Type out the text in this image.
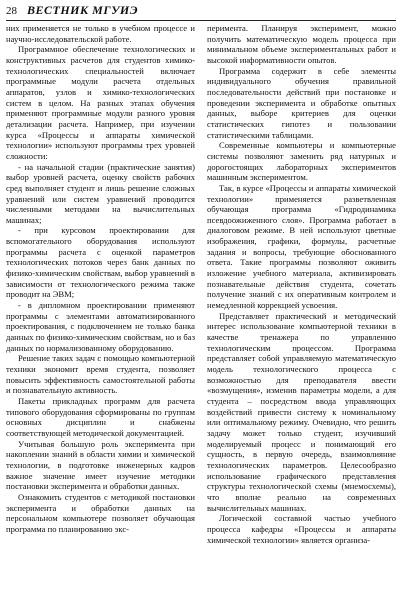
28 ВЕСТНИК МГУИЭ

них применяется не только в учебном процессе и научно-исследовательской работе.

Программное обеспечение технологических и конструктивных расчетов для студентов химико-технологических специальностей включает программные модули расчета отдельных аппаратов, узлов и химико-технологических систем в целом. На разных этапах обучения применяют программные модули разного уровня детализации расчета. Например, при изучении курса «Процессы и аппараты химической технологии» используют программы трех уровней сложности:

- на начальной стадии (практические занятия) выбор уровней расчета, оценку свойств рабочих сред выполняет студент и лишь решение сложных уравнений или систем уравнений проводится численными методами на вычислительных машинах;

- при курсовом проектировании для вспомогательного оборудования используют программы расчета с оценкой параметров технологических потоков через банк данных по физико-химическим свойствам, выбор уравнений в зависимости от технологического режима также проводит на ЭВМ;

- в дипломном проектировании применяют программы с элементами автоматизированного проектирования, с подключением не только банка данных по физико-химическим свойствам, но и баз данных по нормализованному оборудованию.

Решение таких задач с помощью компьютерной техники экономит время студента, позволяет повысить эффективность самостоятельной работы и познавательную активность.

Пакеты прикладных программ для расчета типового оборудования сформированы по группам основных дисциплин и снабжены соответствующей методической документацией.

Учитывая большую роль эксперимента при накоплении знаний в области химии и химической технологии, в подготовке инженерных кадров важное значение имеет изучение методики постановки эксперимента и обработки данных.

Ознакомить студентов с методикой постановки эксперимента и обработки данных на персональном компьютере позволяет обучающая программа по планированию экс-

перимента. Планируя эксперимент, можно получить математическую модель процесса при минимальном объеме экспериментальных работ и высокой информативности опытов.

Программа содержит в себе элементы индивидуального обучения правильной последовательности действий при постановке и проведении эксперимента и обработке опытных данных, выборе критериев для оценки статистических гипотез и пользовании статистическими таблицами.

Современные компьютеры и компьютерные системы позволяют заменить ряд натурных и дорогостоящих лабораторных экспериментов машинным экспериментом.

Так, в курсе «Процессы и аппараты химической технологии» применяется разветвленная обучающая программа «Гидродинамика псевдоожиженного слоя». Программа работает в диалоговом режиме. В ней используют цветные изображения, графики, формулы, расчетные задания и вопросы, требующие обоснованного ответа. Такие программы позволяют оживить изложение учебного материала, активизировать познавательные действия студента, сочетать получение знаний с их оперативным контролем и немедленной коррекцией усвоения.

Представляет практический и методический интерес использование компьютерной техники в качестве тренажера по управлению технологическим процессом. Программа представляет собой управляемую математическую модель технологического процесса с возможностью для преподавателя ввести «возмущения», изменив параметры модели, а для студента – посредством ввода управляющих воздействий привести систему к номинальному или оптимальному режиму. Очевидно, что решить задачу может только студент, изучивший моделируемый процесс и понимающий его сущность, в первую очередь, взаимовлияние технологических параметров. Целесообразно использование графического представления структуры технологической схемы (мнемосхемы), что вполне реально на современных вычислительных машинах.

Логической составной частью учебного процесса кафедры «Процессы и аппараты химической технологии» является организа-
